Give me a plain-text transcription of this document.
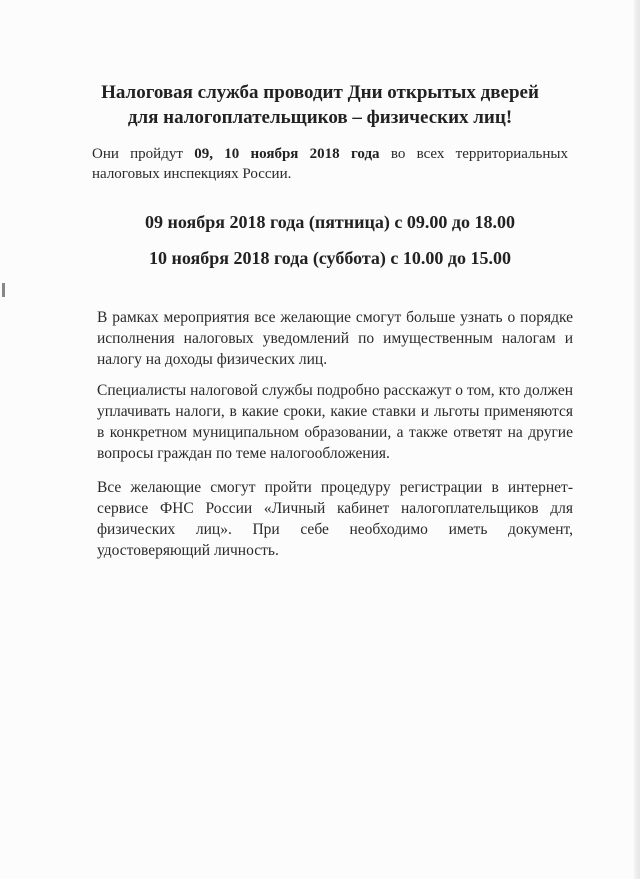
Налоговая служба проводит Дни открытых дверей
для налогоплательщиков – физических лиц!

Они пройдут 09, 10 ноября 2018 года во всех территориальных налоговых инспекциях России.

09 ноября 2018 года (пятница) с 09.00 до 18.00
10 ноября 2018 года (суббота) с 10.00 до 15.00

В рамках мероприятия все желающие смогут больше узнать о порядке исполнения налоговых уведомлений по имущественным налогам и налогу на доходы физических лиц.

Специалисты налоговой службы подробно расскажут о том, кто должен уплачивать налоги, в какие сроки, какие ставки и льготы применяются в конкретном муниципальном образовании, а также ответят на другие вопросы граждан по теме налогообложения.

Все желающие смогут пройти процедуру регистрации в интернет-сервисе ФНС России «Личный кабинет налогоплательщиков для физических лиц». При себе необходимо иметь документ, удостоверяющий личность.
